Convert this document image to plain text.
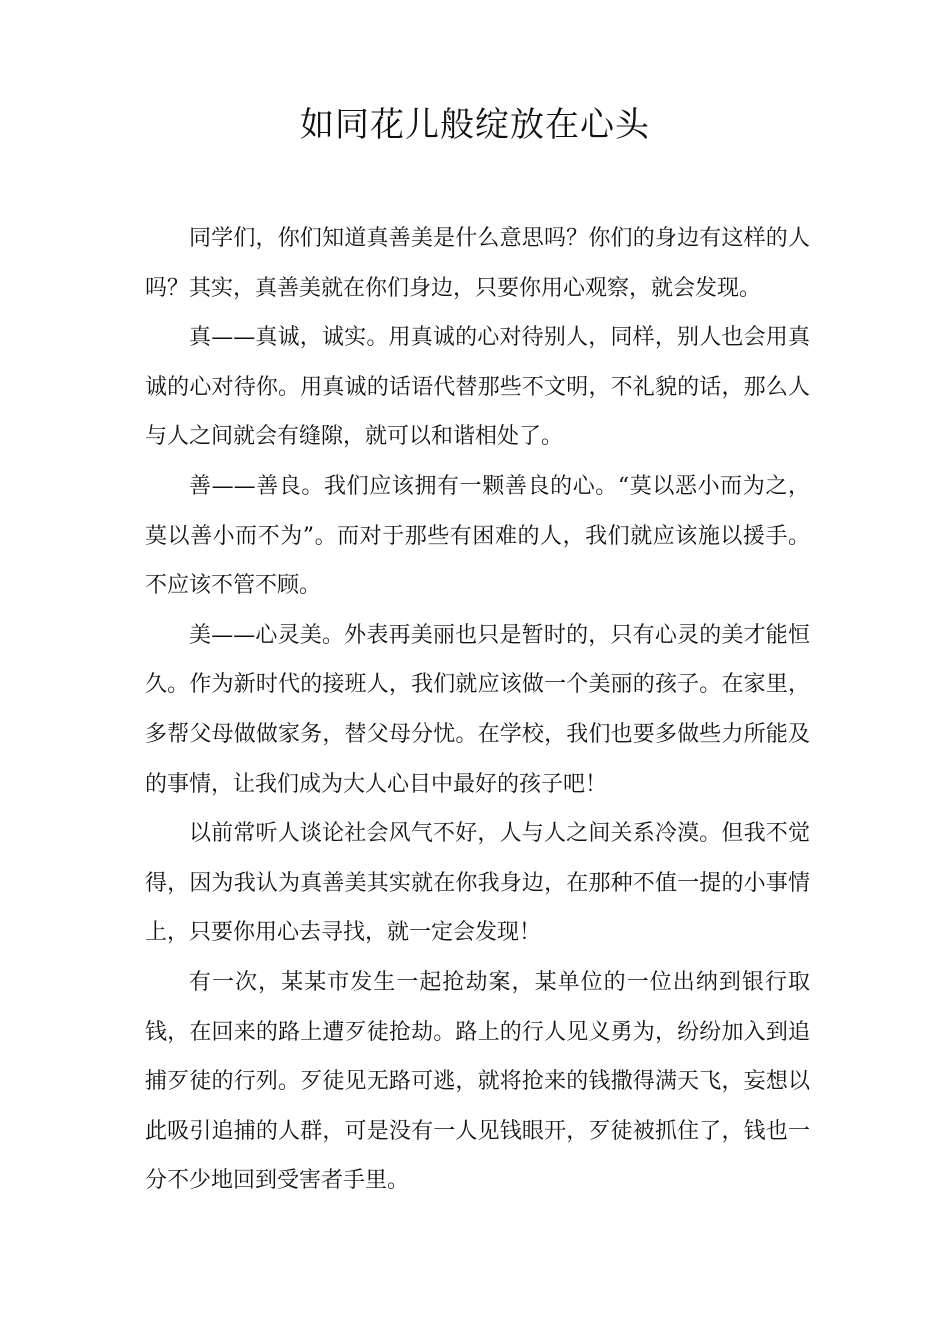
如同花儿般绽放在心头

同学们，你们知道真善美是什么意思吗？你们的身边有这样的人吗？其实，真善美就在你们身边，只要你用心观察，就会发现。

真——真诚，诚实。用真诚的心对待别人，同样，别人也会用真诚的心对待你。用真诚的话语代替那些不文明，不礼貌的话，那么人与人之间就会有缝隙，就可以和谐相处了。

善——善良。我们应该拥有一颗善良的心。“莫以恶小而为之，莫以善小而不为”。而对于那些有困难的人，我们就应该施以援手。不应该不管不顾。

美——心灵美。外表再美丽也只是暂时的，只有心灵的美才能恒久。作为新时代的接班人，我们就应该做一个美丽的孩子。在家里，多帮父母做做家务，替父母分忧。在学校，我们也要多做些力所能及的事情，让我们成为大人心目中最好的孩子吧！

以前常听人谈论社会风气不好，人与人之间关系冷漠。但我不觉得，因为我认为真善美其实就在你我身边，在那种不值一提的小事情上，只要你用心去寻找，就一定会发现！

有一次，某某市发生一起抢劫案，某单位的一位出纳到银行取钱，在回来的路上遭歹徒抢劫。路上的行人见义勇为，纷纷加入到追捕歹徒的行列。歹徒见无路可逃，就将抢来的钱撒得满天飞，妄想以此吸引追捕的人群，可是没有一人见钱眼开，歹徒被抓住了，钱也一分不少地回到受害者手里。
